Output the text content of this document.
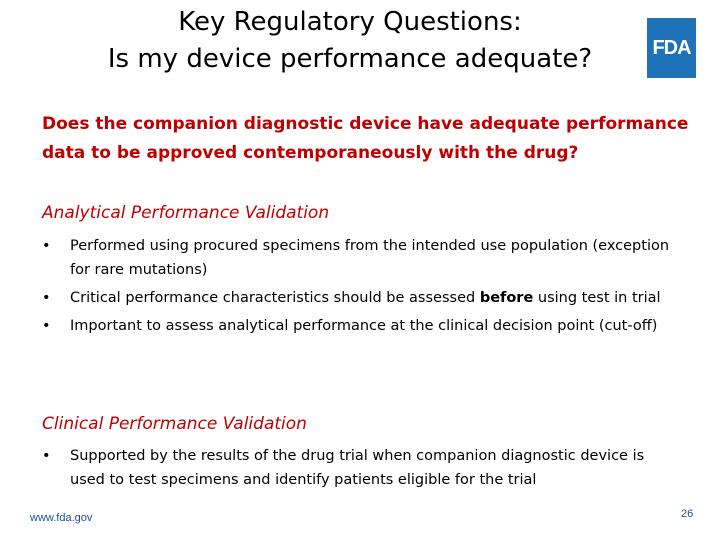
Key Regulatory Questions:
Is my device performance adequate?	FDA
Does the companion diagnostic device have adequate performance data to be approved contemporaneously with the drug?
Analytical Performance Validation
• Performed using procured specimens from the intended use population (exception for rare mutations)
• Critical performance characteristics should be assessed before using test in trial
• Important to assess analytical performance at the clinical decision point (cut-off)
Clinical Performance Validation
• Supported by the results of the drug trial when companion diagnostic device is used to test specimens and identify patients eligible for the trial
www.fda.gov	26
